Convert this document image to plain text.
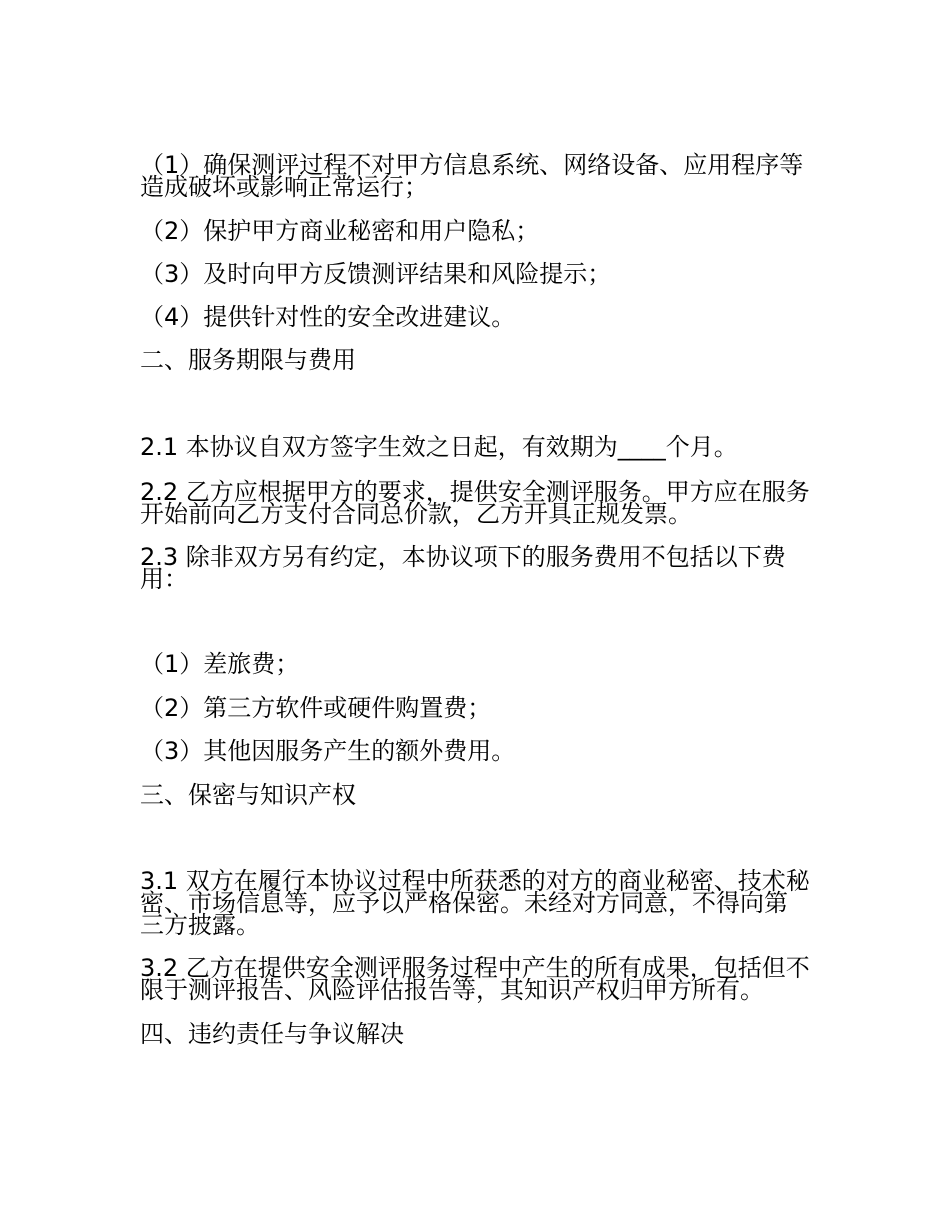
（1）确保测评过程不对甲方信息系统、网络设备、应用程序等造成破坏或影响正常运行；
（2）保护甲方商业秘密和用户隐私；
（3）及时向甲方反馈测评结果和风险提示；
（4）提供针对性的安全改进建议。
二、服务期限与费用
2.1 本协议自双方签字生效之日起，有效期为____个月。
2.2 乙方应根据甲方的要求，提供安全测评服务。甲方应在服务开始前向乙方支付合同总价款，乙方开具正规发票。
2.3 除非双方另有约定，本协议项下的服务费用不包括以下费用：
（1）差旅费；
（2）第三方软件或硬件购置费；
（3）其他因服务产生的额外费用。
三、保密与知识产权
3.1 双方在履行本协议过程中所获悉的对方的商业秘密、技术秘密、市场信息等，应予以严格保密。未经对方同意，不得向第三方披露。
3.2 乙方在提供安全测评服务过程中产生的所有成果，包括但不限于测评报告、风险评估报告等，其知识产权归甲方所有。
四、违约责任与争议解决
